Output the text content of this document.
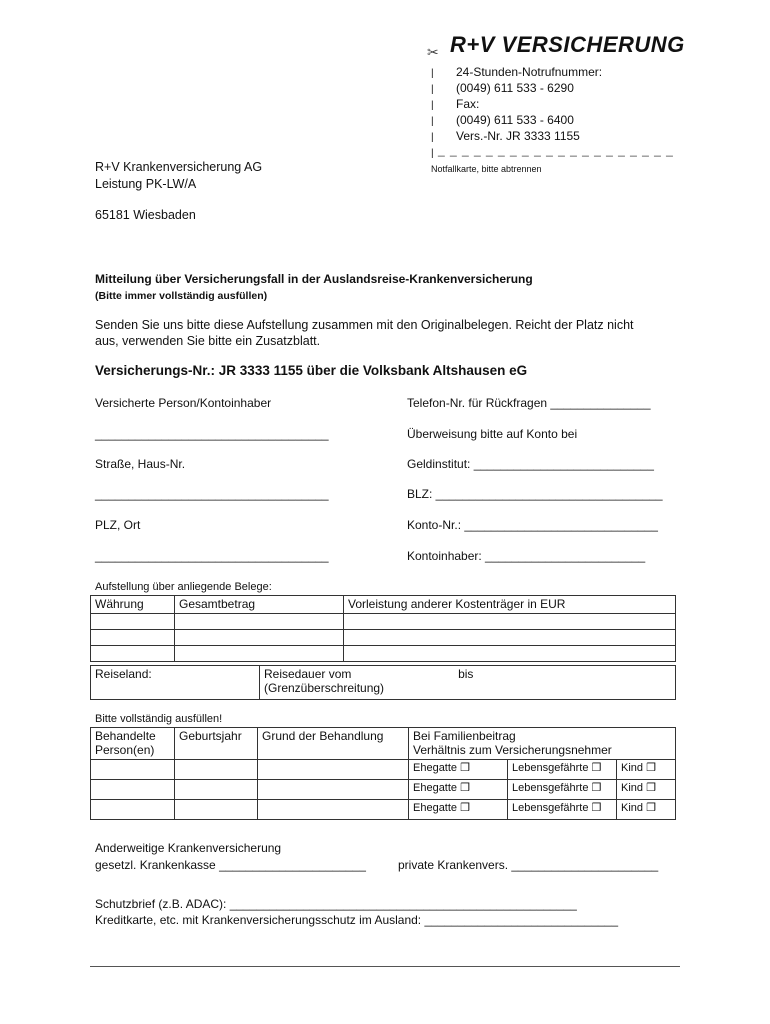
✂ R+V VERSICHERUNG
|
|
|
|
|
|
24-Stunden-Notrufnummer:
(0049) 611 533 - 6290
Fax:
(0049) 611 533 - 6400
Vers.-Nr. JR 3333 1155
_ _ _ _ _ _ _ _ _ _ _ _ _ _ _ _ _ _ _ _
Notfallkarte, bitte abtrennen
R+V Krankenversicherung AG
Leistung PK-LW/A
65181 Wiesbaden
Mitteilung über Versicherungsfall in der Auslandsreise-Krankenversicherung
(Bitte immer vollständig ausfüllen)
Senden Sie uns bitte diese Aufstellung zusammen mit den Originalbelegen. Reicht der Platz nicht
aus, verwenden Sie bitte ein Zusatzblatt.
Versicherungs-Nr.: JR 3333 1155 über die Volksbank Altshausen eG
Versicherte Person/Kontoinhaber
___________________________________
Straße, Haus-Nr.
___________________________________
PLZ, Ort
___________________________________
Telefon-Nr. für Rückfragen _______________
Überweisung bitte auf Konto bei
Geldinstitut: ___________________________
BLZ: __________________________________
Konto-Nr.: _____________________________
Kontoinhaber: ________________________
Aufstellung über anliegende Belege:
Währung	Gesamtbetrag	Vorleistung anderer Kostenträger in EUR

Reiseland:	Reisedauer vom	bis
(Grenzüberschreitung)
Bitte vollständig ausfüllen!
Behandelte Person(en)	Geburtsjahr	Grund der Behandlung	Bei Familienbeitrag
Verhältnis zum Versicherungsnehmer		

			Ehegatte ❒	Lebensgefährte ❒	Kind ❒
			Ehegatte ❒	Lebensgefährte ❒	Kind ❒
			Ehegatte ❒	Lebensgefährte ❒	Kind ❒
Anderweitige Krankenversicherung
gesetzl. Krankenkasse ______________________	private Krankenvers. ______________________
Schutzbrief (z.B. ADAC): ____________________________________________________
Kreditkarte, etc. mit Krankenversicherungsschutz im Ausland: _____________________________
